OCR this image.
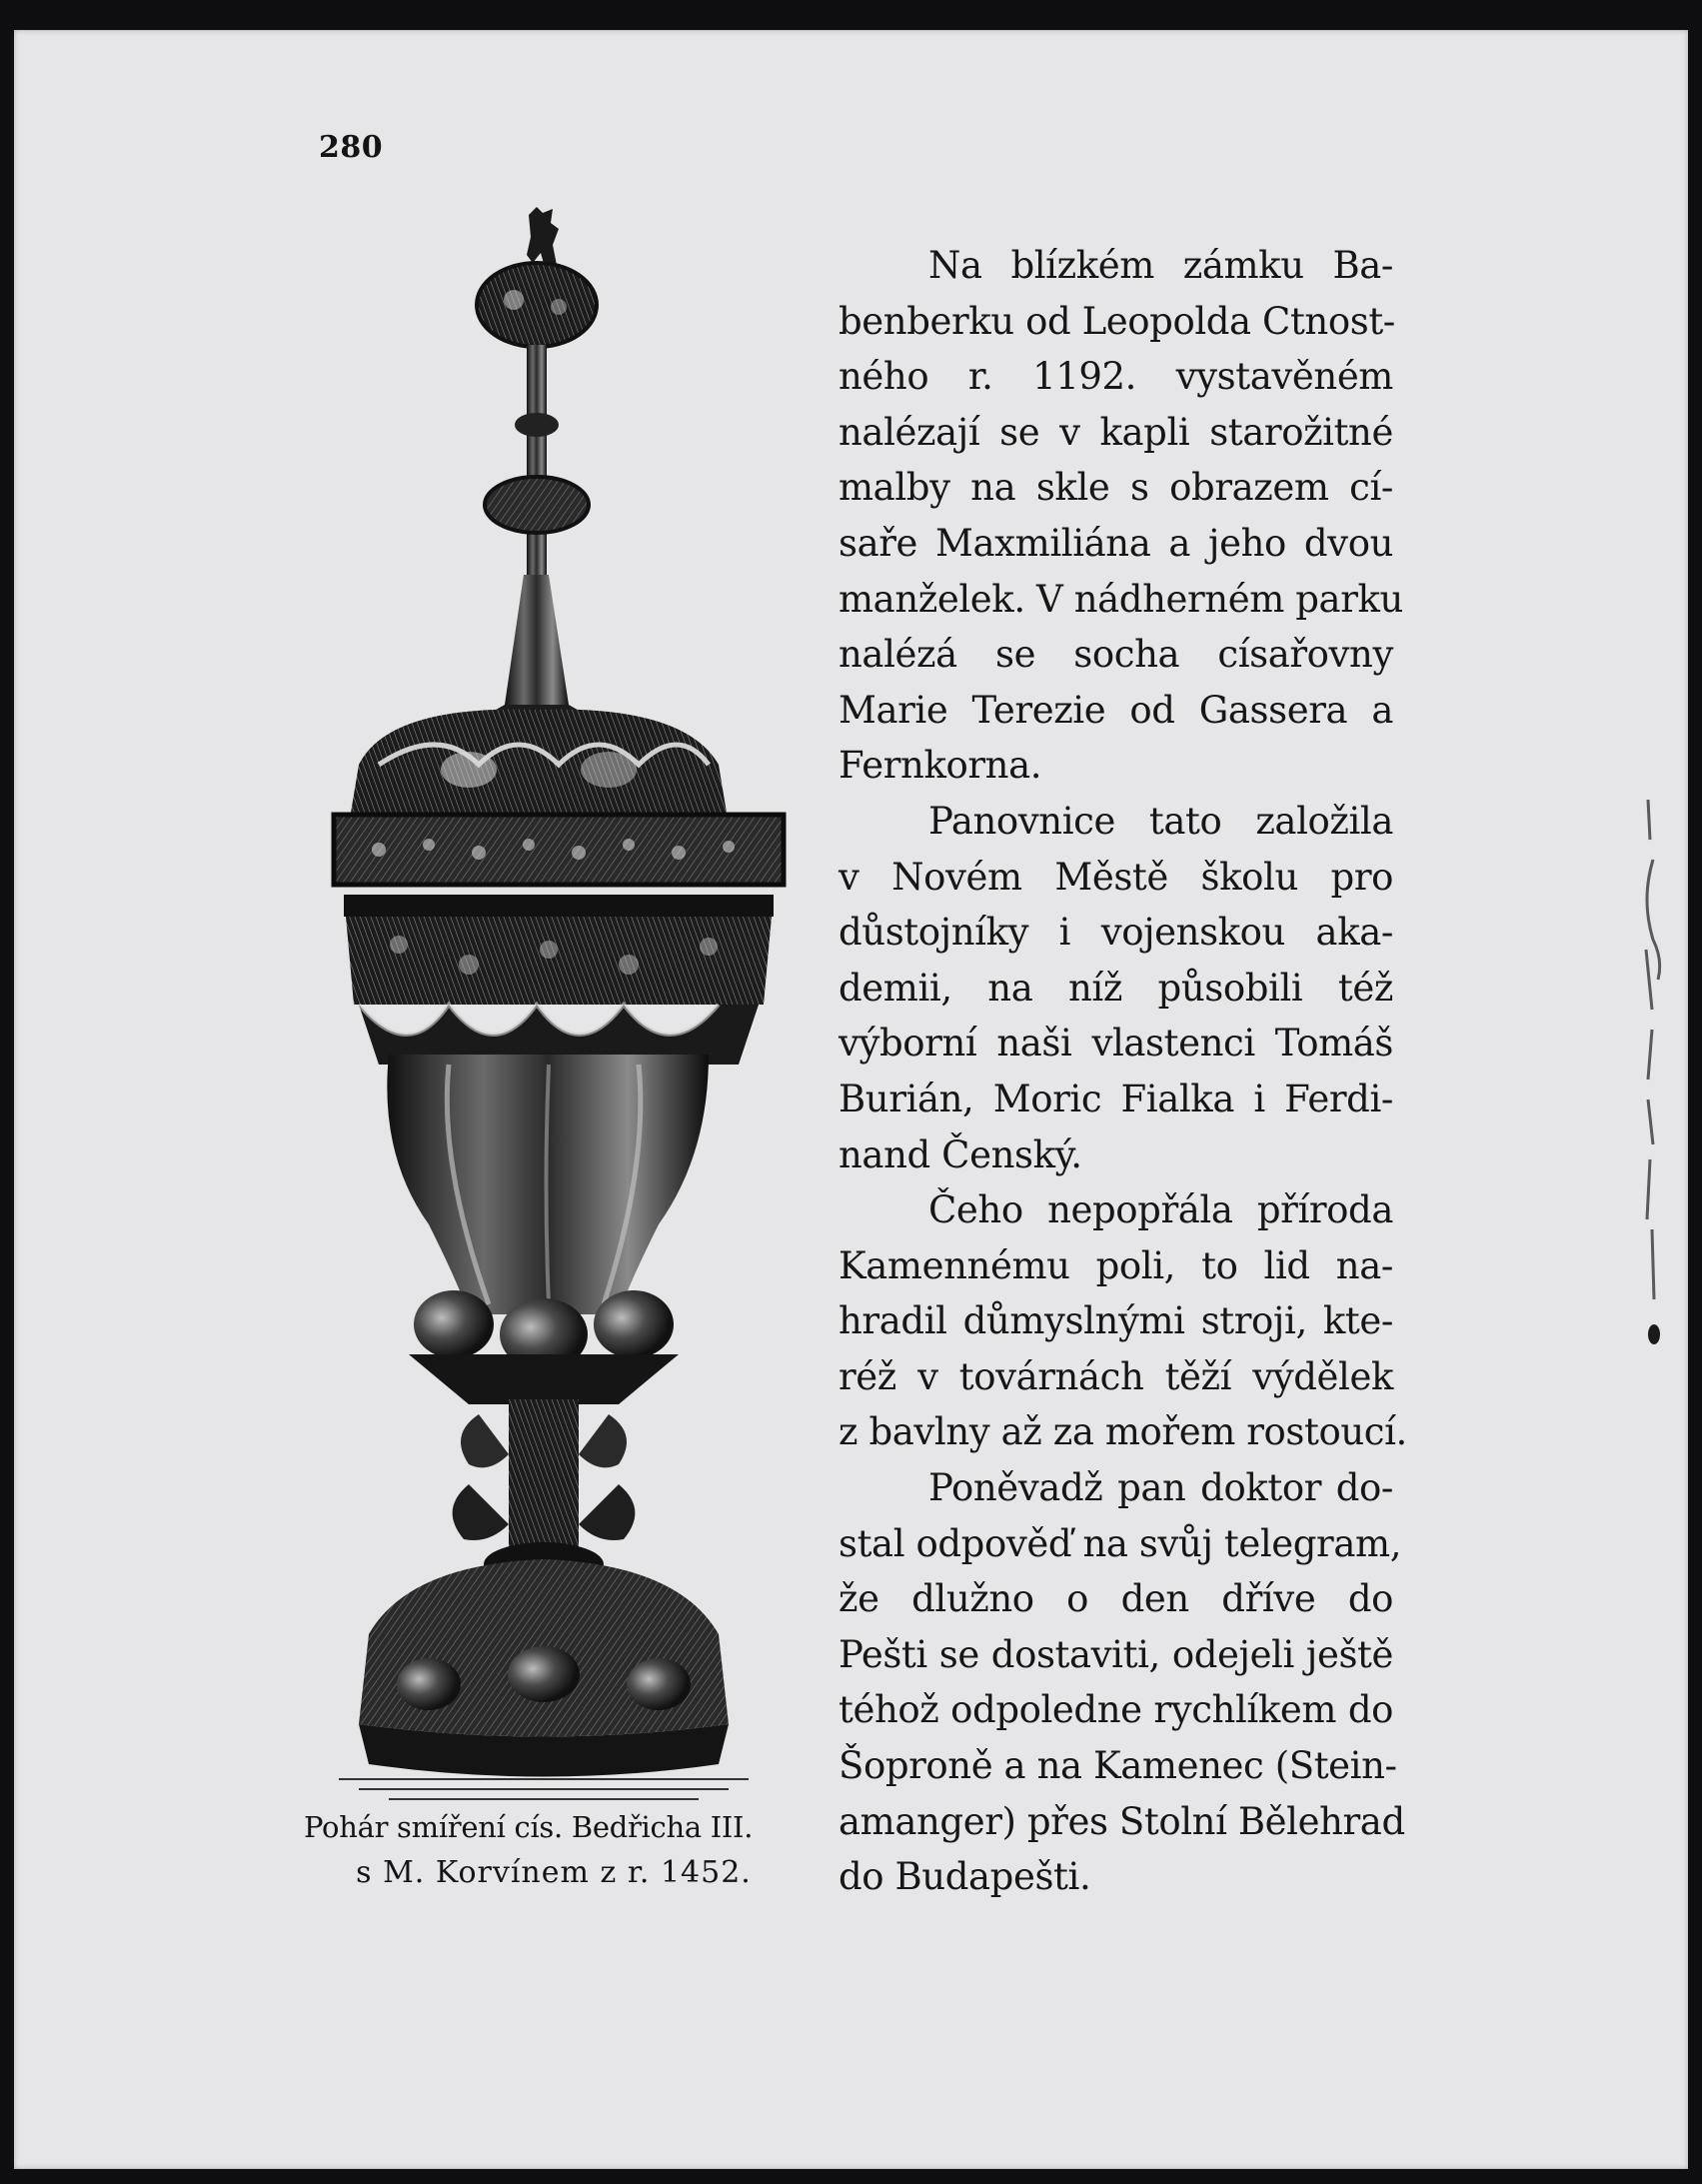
280
Pohár smíření cís. Bedřicha III.
s M. Korvínem z r. 1452.
Na blízkém zámku Ba-
benberku od Leopolda Ctnost-
ného r. 1192. vystavěném
nalézají se v kapli starožitné
malby na skle s obrazem cí-
saře Maxmiliána a jeho dvou
manželek. V nádherném parku
nalézá se socha císařovny
Marie Terezie od Gassera a
Fernkorna.
Panovnice tato založila
v Novém Městě školu pro
důstojníky i vojenskou aka-
demii, na níž působili též
výborní naši vlastenci Tomáš
Burián, Moric Fialka i Ferdi-
nand Čenský.
Čeho nepopřála příroda
Kamennému poli, to lid na-
hradil důmyslnými stroji, kte-
réž v továrnách těží výdělek
z bavlny až za mořem rostoucí.
Poněvadž pan doktor do-
stal odpověď na svůj telegram,
že dlužno o den dříve do
Pešti se dostaviti, odejeli ještě
téhož odpoledne rychlíkem do
Šoproně a na Kamenec (Stein-
amanger) přes Stolní Bělehrad
do Budapešti.
